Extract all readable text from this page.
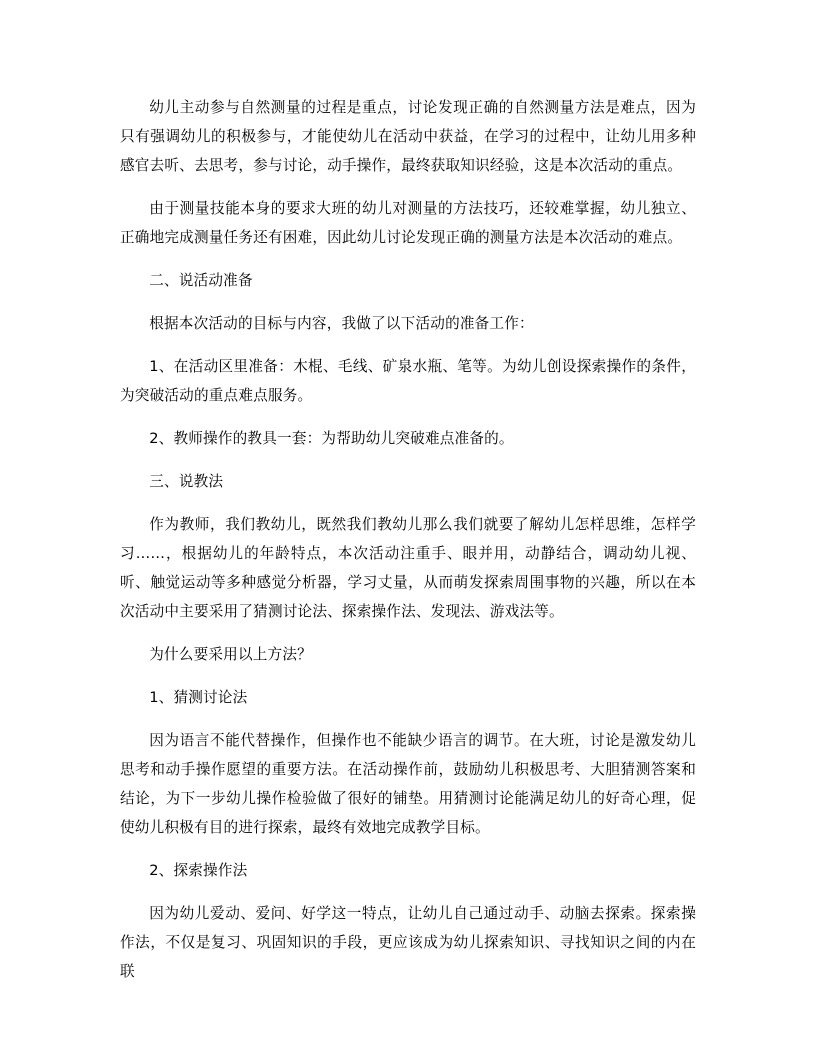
幼儿主动参与自然测量的过程是重点，讨论发现正确的自然测量方法是难点，因为只有强调幼儿的积极参与，才能使幼儿在活动中获益，在学习的过程中，让幼儿用多种感官去听、去思考，参与讨论，动手操作，最终获取知识经验，这是本次活动的重点。

由于测量技能本身的要求大班的幼儿对测量的方法技巧，还较难掌握，幼儿独立、正确地完成测量任务还有困难，因此幼儿讨论发现正确的测量方法是本次活动的难点。

二、说活动准备

根据本次活动的目标与内容，我做了以下活动的准备工作：

1、在活动区里准备：木棍、毛线、矿泉水瓶、笔等。为幼儿创设探索操作的条件，为突破活动的重点难点服务。

2、教师操作的教具一套：为帮助幼儿突破难点准备的。

三、说教法

作为教师，我们教幼儿，既然我们教幼儿那么我们就要了解幼儿怎样思维，怎样学习……，根据幼儿的年龄特点，本次活动注重手、眼并用，动静结合，调动幼儿视、听、触觉运动等多种感觉分析器，学习丈量，从而萌发探索周围事物的兴趣，所以在本次活动中主要采用了猜测讨论法、探索操作法、发现法、游戏法等。

为什么要采用以上方法？

1、猜测讨论法

因为语言不能代替操作，但操作也不能缺少语言的调节。在大班，讨论是激发幼儿思考和动手操作愿望的重要方法。在活动操作前，鼓励幼儿积极思考、大胆猜测答案和结论，为下一步幼儿操作检验做了很好的铺垫。用猜测讨论能满足幼儿的好奇心理，促使幼儿积极有目的进行探索，最终有效地完成教学目标。

2、探索操作法

因为幼儿爱动、爱问、好学这一特点，让幼儿自己通过动手、动脑去探索。探索操作法，不仅是复习、巩固知识的手段，更应该成为幼儿探索知识、寻找知识之间的内在联
